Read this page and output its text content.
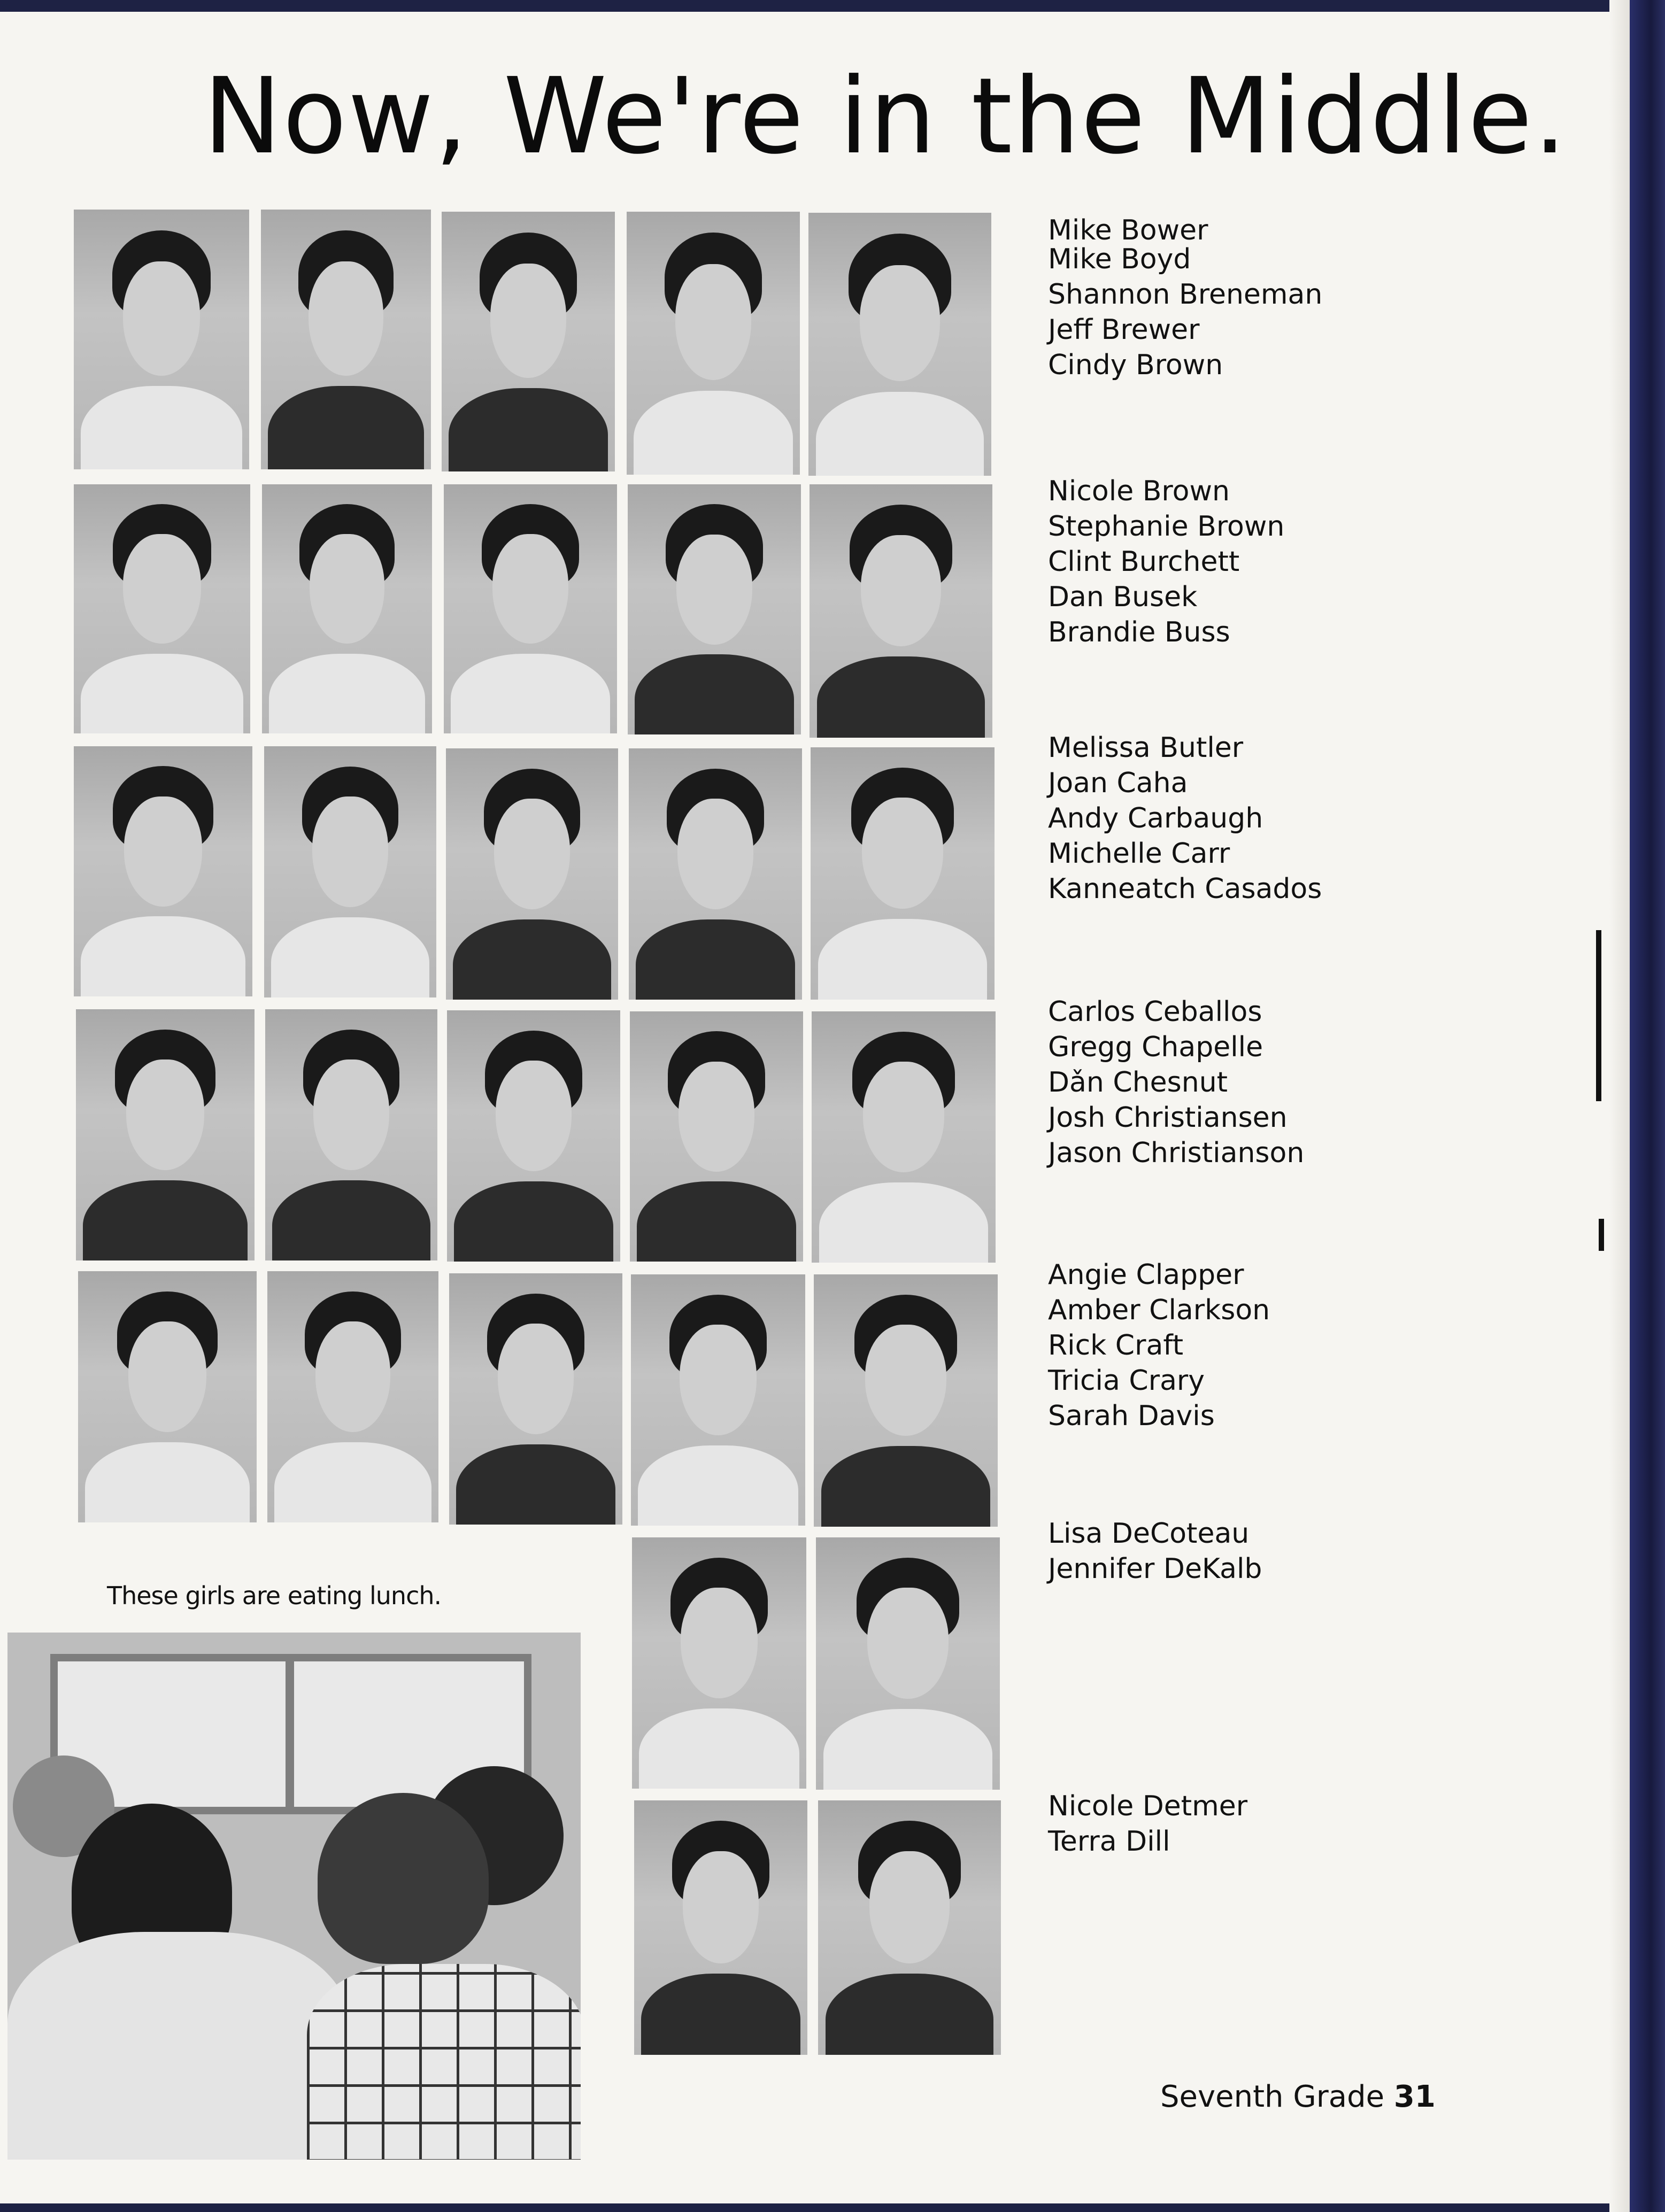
Now, We're in the Middle.
Mike Bower
Mike Boyd
Shannon Breneman
Jeff Brewer
Cindy Brown
Nicole Brown
Stephanie Brown
Clint Burchett
Dan Busek
Brandie Buss
Melissa Butler
Joan Caha
Andy Carbaugh
Michelle Carr
Kanneatch Casados
Carlos Ceballos
Gregg Chapelle
Dǎn Chesnut
Josh Christiansen
Jason Christianson
Angie Clapper
Amber Clarkson
Rick Craft
Tricia Crary
Sarah Davis
Lisa DeCoteau
Jennifer DeKalb
Nicole Detmer
Terra Dill
These girls are eating lunch.
Seventh Grade 31
